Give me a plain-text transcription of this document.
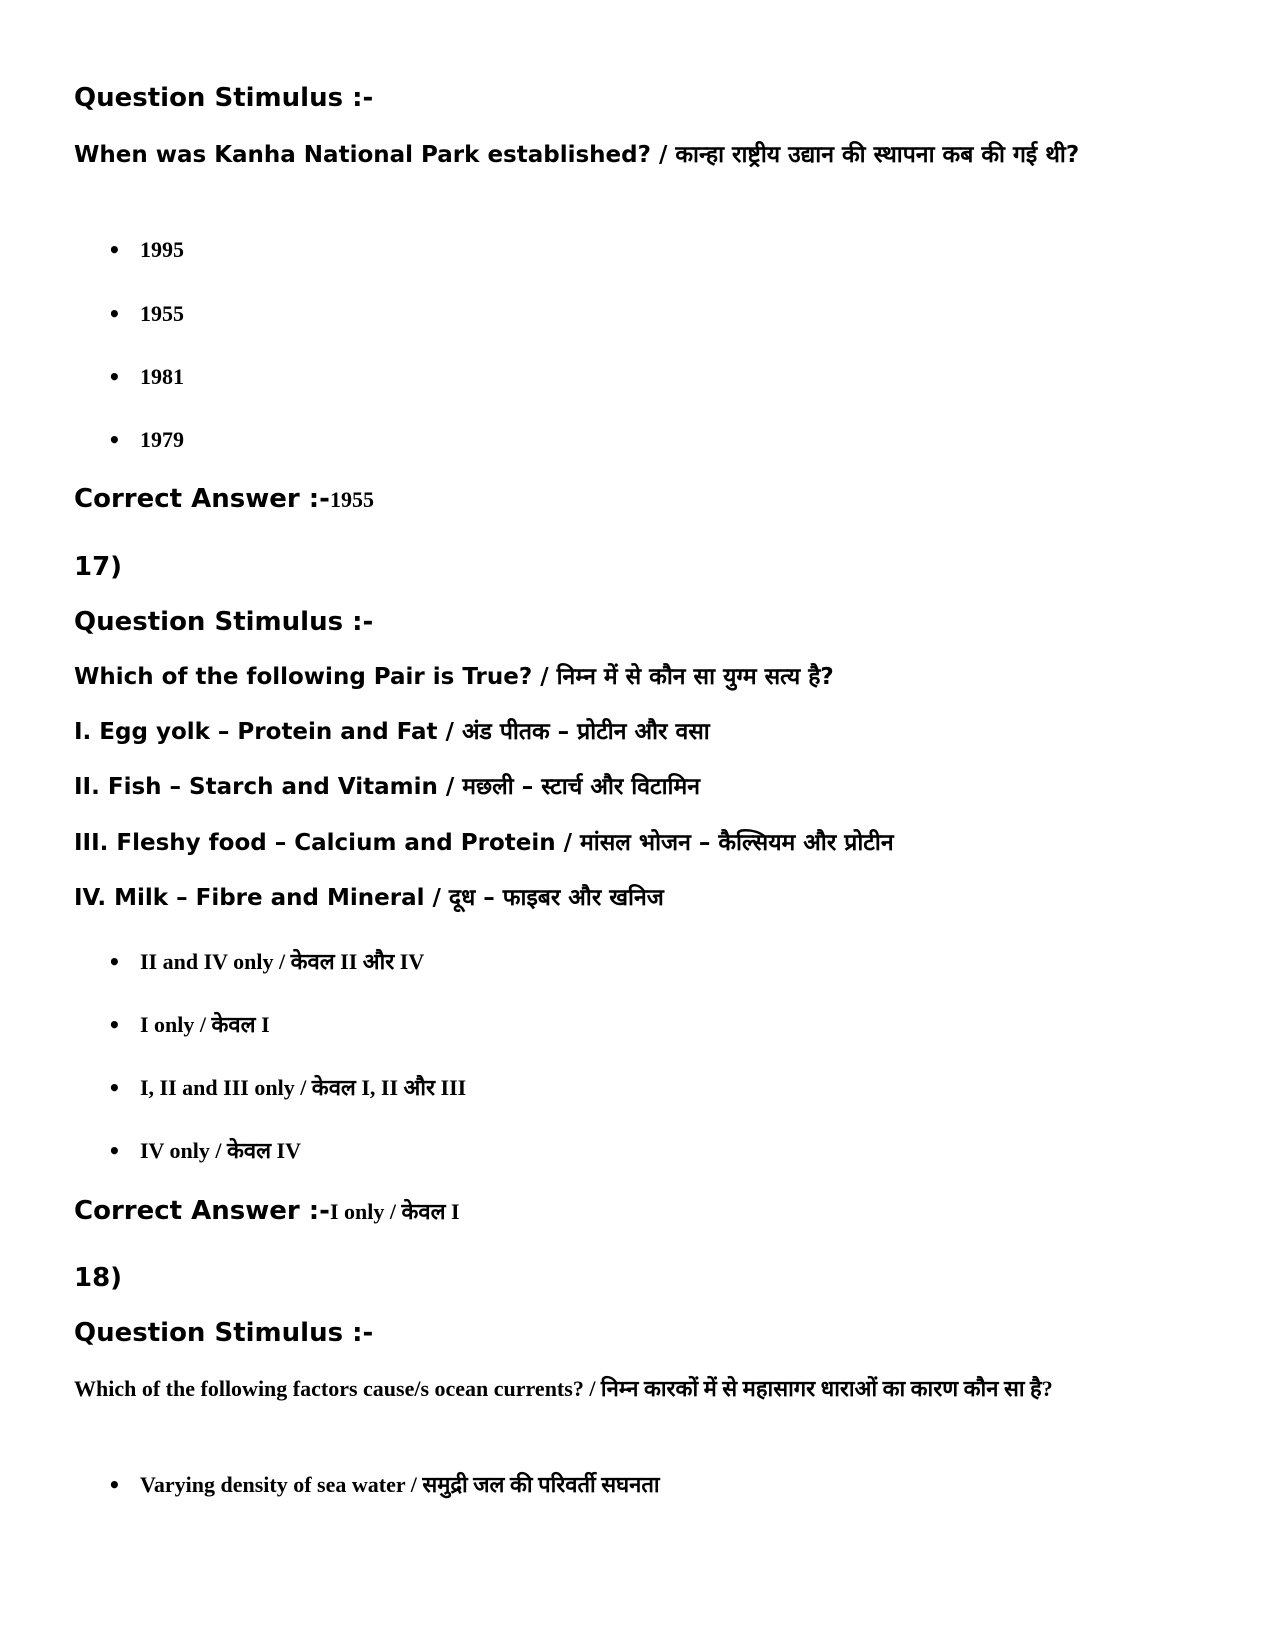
Question Stimulus :-

When was Kanha National Park established? / कान्हा राष्ट्रीय उद्यान की स्थापना कब की गई थी?

• 1995
• 1955
• 1981
• 1979

Correct Answer :-1955

17)

Question Stimulus :-

Which of the following Pair is True? / निम्न में से कौन सा युग्म सत्य है?

I. Egg yolk – Protein and Fat / अंड पीतक – प्रोटीन और वसा

II. Fish – Starch and Vitamin / मछली – स्टार्च और विटामिन

III. Fleshy food – Calcium and Protein / मांसल भोजन – कैल्सियम और प्रोटीन

IV. Milk – Fibre and Mineral / दूध – फाइबर और खनिज

• II and IV only / केवल II और IV
• I only / केवल I
• I, II and III only / केवल I, II और III
• IV only / केवल IV

Correct Answer :-I only / केवल I

18)

Question Stimulus :-

Which of the following factors cause/s ocean currents? / निम्न कारकों में से महासागर धाराओं का कारण कौन सा है?

• Varying density of sea water / समुद्री जल की परिवर्ती सघनता
